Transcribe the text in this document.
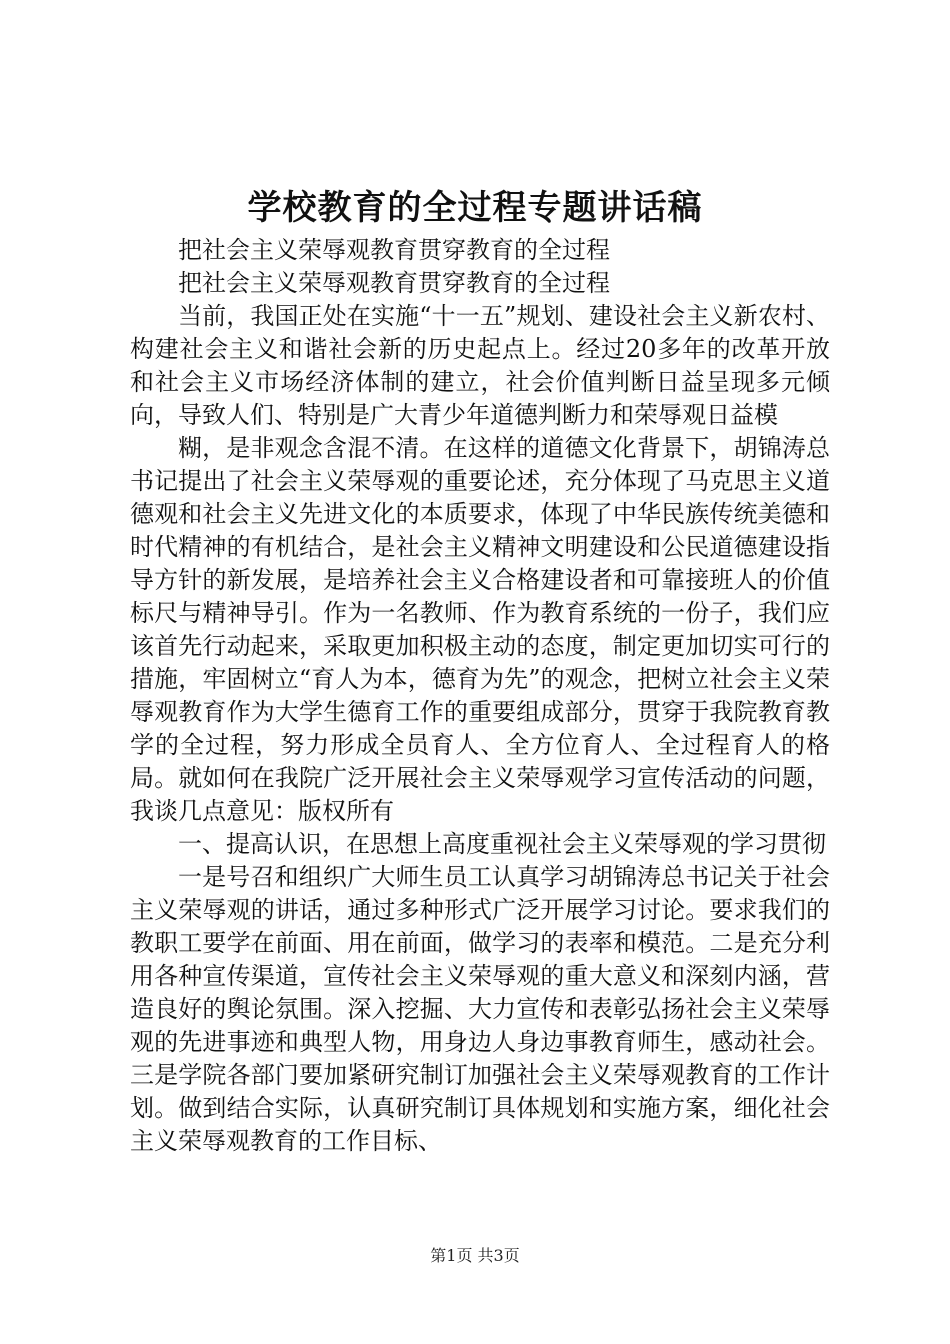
学校教育的全过程专题讲话稿

把社会主义荣辱观教育贯穿教育的全过程

把社会主义荣辱观教育贯穿教育的全过程

当前，我国正处在实施“十一五”规划、建设社会主义新农村、构建社会主义和谐社会新的历史起点上。经过20多年的改革开放和社会主义市场经济体制的建立，社会价值判断日益呈现多元倾向，导致人们、特别是广大青少年道德判断力和荣辱观日益模

糊，是非观念含混不清。在这样的道德文化背景下，胡锦涛总书记提出了社会主义荣辱观的重要论述，充分体现了马克思主义道德观和社会主义先进文化的本质要求，体现了中华民族传统美德和时代精神的有机结合，是社会主义精神文明建设和公民道德建设指导方针的新发展，是培养社会主义合格建设者和可靠接班人的价值标尺与精神导引。作为一名教师、作为教育系统的一份子，我们应该首先行动起来，采取更加积极主动的态度，制定更加切实可行的措施，牢固树立“育人为本，德育为先”的观念，把树立社会主义荣辱观教育作为大学生德育工作的重要组成部分，贯穿于我院教育教学的全过程，努力形成全员育人、全方位育人、全过程育人的格局。就如何在我院广泛开展社会主义荣辱观学习宣传活动的问题，我谈几点意见：版权所有

一、提高认识，在思想上高度重视社会主义荣辱观的学习贯彻

一是号召和组织广大师生员工认真学习胡锦涛总书记关于社会主义荣辱观的讲话，通过多种形式广泛开展学习讨论。要求我们的教职工要学在前面、用在前面，做学习的表率和模范。二是充分利用各种宣传渠道，宣传社会主义荣辱观的重大意义和深刻内涵，营造良好的舆论氛围。深入挖掘、大力宣传和表彰弘扬社会主义荣辱观的先进事迹和典型人物，用身边人身边事教育师生，感动社会。三是学院各部门要加紧研究制订加强社会主义荣辱观教育的工作计划。做到结合实际，认真研究制订具体规划和实施方案，细化社会主义荣辱观教育的工作目标、

第1页 共3页
